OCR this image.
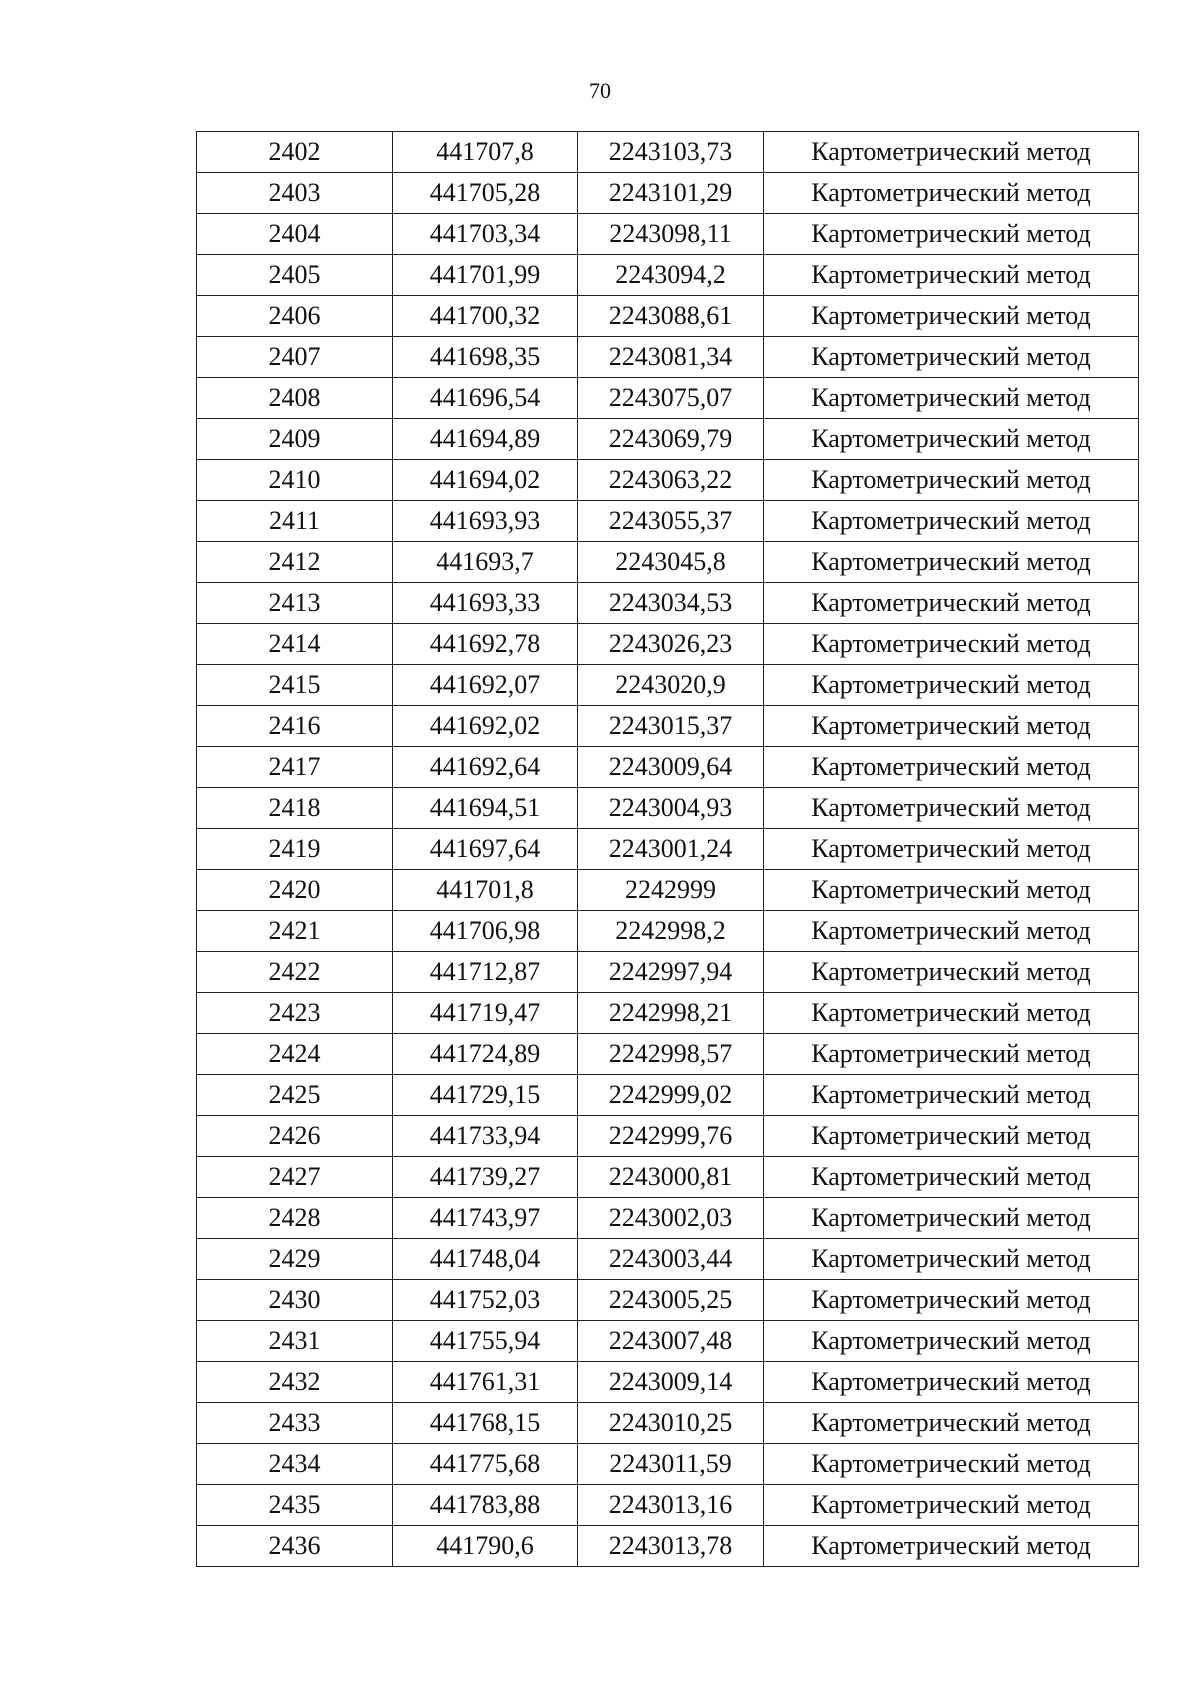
70
2402	441707,8	2243103,73	Картометрический метод
2403	441705,28	2243101,29	Картометрический метод
2404	441703,34	2243098,11	Картометрический метод
2405	441701,99	2243094,2	Картометрический метод
2406	441700,32	2243088,61	Картометрический метод
2407	441698,35	2243081,34	Картометрический метод
2408	441696,54	2243075,07	Картометрический метод
2409	441694,89	2243069,79	Картометрический метод
2410	441694,02	2243063,22	Картометрический метод
2411	441693,93	2243055,37	Картометрический метод
2412	441693,7	2243045,8	Картометрический метод
2413	441693,33	2243034,53	Картометрический метод
2414	441692,78	2243026,23	Картометрический метод
2415	441692,07	2243020,9	Картометрический метод
2416	441692,02	2243015,37	Картометрический метод
2417	441692,64	2243009,64	Картометрический метод
2418	441694,51	2243004,93	Картометрический метод
2419	441697,64	2243001,24	Картометрический метод
2420	441701,8	2242999	Картометрический метод
2421	441706,98	2242998,2	Картометрический метод
2422	441712,87	2242997,94	Картометрический метод
2423	441719,47	2242998,21	Картометрический метод
2424	441724,89	2242998,57	Картометрический метод
2425	441729,15	2242999,02	Картометрический метод
2426	441733,94	2242999,76	Картометрический метод
2427	441739,27	2243000,81	Картометрический метод
2428	441743,97	2243002,03	Картометрический метод
2429	441748,04	2243003,44	Картометрический метод
2430	441752,03	2243005,25	Картометрический метод
2431	441755,94	2243007,48	Картометрический метод
2432	441761,31	2243009,14	Картометрический метод
2433	441768,15	2243010,25	Картометрический метод
2434	441775,68	2243011,59	Картометрический метод
2435	441783,88	2243013,16	Картометрический метод
2436	441790,6	2243013,78	Картометрический метод
